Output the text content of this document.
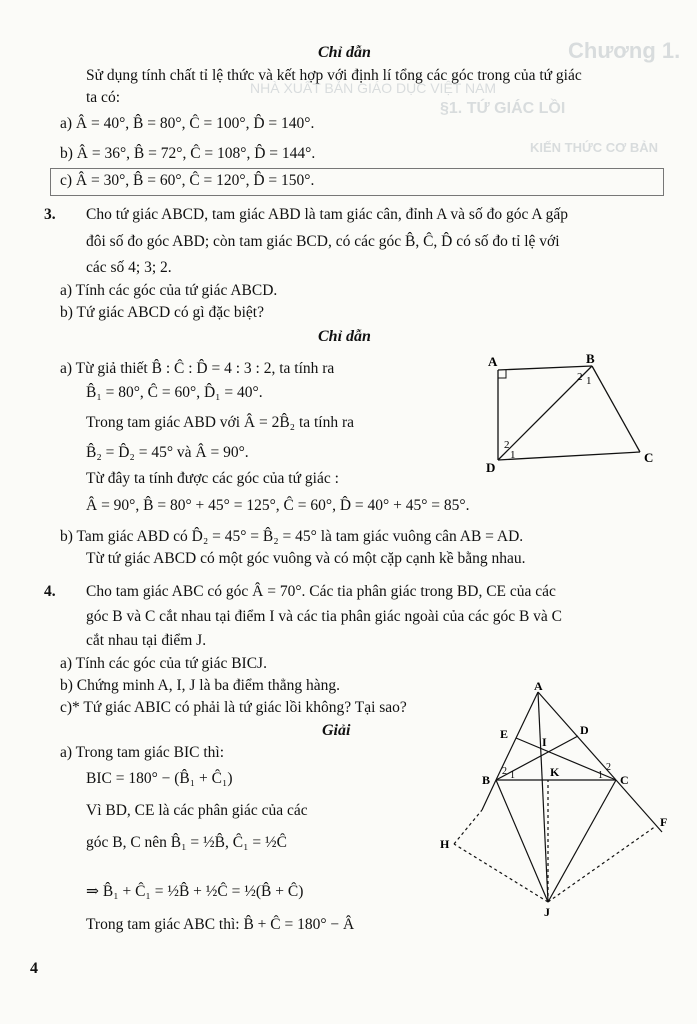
Chương 1.
NHÀ XUẤT BẢN GIÁO DỤC VIỆT NAM
§1. TỨ GIÁC LỒI
KIẾN THỨC CƠ BẢN
Chỉ dẫn
Sử dụng tính chất tỉ lệ thức và kết hợp với định lí tổng các góc trong của tứ giác
ta có:
a) Â = 40°, B̂ = 80°, Ĉ = 100°, D̂ = 140°.
b) Â = 36°, B̂ = 72°, Ĉ = 108°, D̂ = 144°.
c) Â = 30°, B̂ = 60°, Ĉ = 120°, D̂ = 150°.
3. Cho tứ giác ABCD, tam giác ABD là tam giác cân, đỉnh A và số đo góc A gấp
đôi số đo góc ABD; còn tam giác BCD, có các góc B̂, Ĉ, D̂ có số đo tỉ lệ với
các số 4; 3; 2.
a) Tính các góc của tứ giác ABCD.
b) Tứ giác ABCD có gì đặc biệt?
Chỉ dẫn
a) Từ giả thiết B̂ : Ĉ : D̂ = 4 : 3 : 2, ta tính ra
B̂₁ = 80°, Ĉ = 60°, D̂₁ = 40°.
Trong tam giác ABD với Â = 2B̂₂ ta tính ra
B̂₂ = D̂₂ = 45° và Â = 90°.
Từ đây ta tính được các góc của tứ giác :
Â = 90°, B̂ = 80° + 45° = 125°, Ĉ = 60°, D̂ = 40° + 45° = 85°.
b) Tam giác ABD có D̂₂ = 45° = B̂₂ = 45° là tam giác vuông cân AB = AD.
Từ tứ giác ABCD có một góc vuông và có một cặp cạnh kề bằng nhau.
A	B
C
D
2 1
2
1
4. Cho tam giác ABC có góc Â = 70°. Các tia phân giác trong BD, CE của các
góc B và C cắt nhau tại điểm I và các tia phân giác ngoài của các góc B và C
cắt nhau tại điểm J.
a) Tính các góc của tứ giác BICJ.
b) Chứng minh A, I, J là ba điểm thẳng hàng.
c)* Tứ giác ABIC có phải là tứ giác lồi không? Tại sao?
Giải
a) Trong tam giác BIC thì:
BIC = 180° − (B̂₁ + Ĉ₁)
Vì BD, CE là các phân giác của các
góc B, C nên B̂₁ = ½B̂, Ĉ₁ = ½Ĉ
⇒ B̂₁ + Ĉ₁ = ½B̂ + ½Ĉ = ½(B̂ + Ĉ)
Trong tam giác ABC thì: B̂ + Ĉ = 180° − Â
A
B	C
D
E
I
K
J
H
F
1
2	1
2
4
